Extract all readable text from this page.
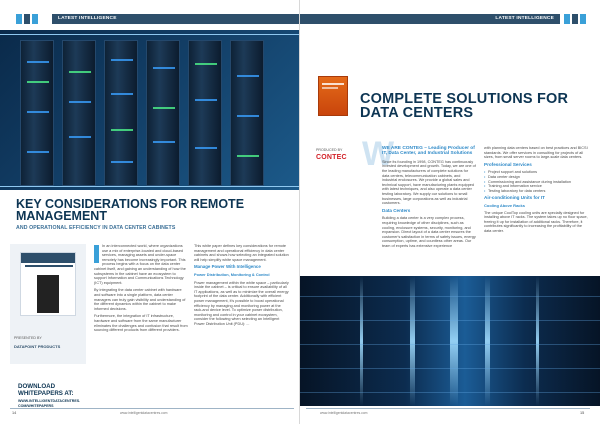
LATEST INTELLIGENCE
KEY CONSIDERATIONS FOR REMOTE MANAGEMENT
AND OPERATIONAL EFFICIENCY IN DATA CENTER CABINETS
PRESENTED BY
DATAPOINT PRODUCTS
DOWNLOAD WHITEPAPERS AT:
WWW.INTELLIGENTDATACENTRES. COM/WHITEPAPERS

In an interconnected world, where organizations use a mix of enterprise-located and cloud-based services, managing assets and under-space remotely has become increasingly important. This process begins with a focus on the data center cabinet itself, and gaining an understanding of how the subsystems in the cabinet have an ecosystem to support Information and Communications Technology (ICT) equipment.

By integrating the data center cabinet with hardware and software into a single platform, data center managers can truly gain visibility and understanding of the different dynamics within the cabinet to make informed decisions.

Furthermore, the integration of IT infrastructure, hardware and software from the same manufacturer eliminates the challenges and confusion that result from sourcing different products from different providers.

This white paper defines key considerations for remote management and operational efficiency in data center cabinets and shows how selecting an integrated solution will help simplify white space management.

Manage Power With Intelligence
Power Distribution, Monitoring & Control

Power management within the white space – particularly inside the cabinet – is critical to ensure availability of all IT applications, as well as to minimize the overall energy footprint of the data center. Additionally with efficient power management, it's possible to boost operational efficiency by managing and monitoring power at the rack-and device level. To optimize power distribution, monitoring and control in your cabinet ecosystem, consider the following when selecting an Intelligent Power Distribution Unit (PDU): ...

14	www.intelligentdatacentres.com
LATEST INTELLIGENCE
COMPLETE SOLUTIONS FOR DATA CENTERS
PRODUCED BY
CONTEC W
WE ARE CONTEG – Leading Producer of IT, Data Center, and Industrial Solutions

Since its founding in 1998, CONTEG has continuously invested development and growth. Today, we are one of the leading manufacturers of complete solutions for data centers, telecommunication cabinets, and industrial enclosures. We provide a global sales and technical support, have manufacturing plants equipped with latest techniques, and also operate a data center testing laboratory. We supply our solutions to small businesses, large corporations as well as industrial customers.

Data Centers

Building a data center is a very complex process, requiring knowledge of other disciplines, such as cooling, enclosure systems, security, monitoring, and expansion. Direct layout of a data center ensures the customer's satisfaction in terms of safety issues, energy consumption, uptime, and countless other areas. Our team of experts has extensive experience

with planning data centers based on best practices and BICSI standards. We offer services in consulting for projects of all sizes, from small server rooms to large-scale data centers.

Professional Services
• Project support and solutions
• Data center design
• Commissioning and assistance during installation
• Training and information service
• Testing laboratory for data centers
Air-conditioning Units for IT
Cooling Above Racks

The unique CoolTop cooling units are specially designed for installing above IT racks. The system takes up no floor space, freeing it up for installation of additional racks. Therefore, it contributes significantly to increasing the profitability of the data center.

www.intelligentdatacentres.com	15
